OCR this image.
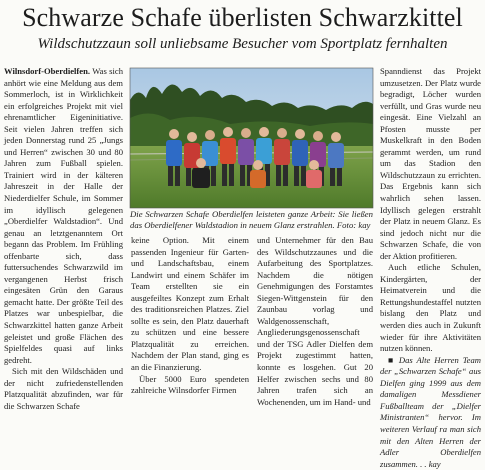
Schwarze Schafe überlisten Schwarzkittel
Wildschutzzaun soll unliebsame Besucher vom Sportplatz fernhalten

Wilnsdorf-Oberdielfen. Was sich anhört wie eine Meldung aus dem Sommerloch, ist in Wirklichkeit ein erfolgreiches Projekt mit viel ehrenamtlicher Eigeninitiative. Seit vielen Jahren treffen sich jeden Donnerstag rund 25 „Jungs und Herren“ zwischen 30 und 80 Jahren zum Fußball spielen. Trainiert wird in der kälteren Jahreszeit in der Halle der Niederdielfer Schule, im Sommer im idyllisch gelegenen „Oberdielfer Waldstadion“. Und genau an letztgenanntem Ort begann das Problem. Im Frühling offenbarte sich, dass futtersuchendes Schwarzwild im vergangenen Herbst frisch eingesäten Grün den Garaus gemacht hatte. Der größte Teil des Platzes war unbespielbar, die Schwarzkittel hatten ganze Arbeit geleistet und große Flächen des Spielfeldes quasi auf links gedreht.

Sich mit den Wildschäden und der nicht zufriedenstellenden Platzqualität abzufinden, war für die Schwarzen Schafe

Die Schwarzen Schafe Oberdielfen leisteten ganze Arbeit: Sie ließen das Oberdielfener Waldstadion in neuem Glanz erstrahlen. Foto: kay

keine Option. Mit einem passenden Ingenieur für Garten- und Landschaftsbau, einem Landwirt und einem Schäfer im Team erstellten sie ein ausgefeiltes Konzept zum Erhalt des traditionsreichen Platzes. Ziel sollte es sein, den Platz dauerhaft zu schützen und eine bessere Platzqualität zu erreichen. Nachdem der Plan stand, ging es an die Finanzierung.

Über 5000 Euro spendeten zahlreiche Wilnsdorfer Firmen

und Unternehmer für den Bau des Wildschutzzaunes und die Aufarbeitung des Sportplatzes. Nachdem die nötigen Genehmigungen des Forstamtes Siegen-Wittgenstein für den Zaunbau vorlag und Waldgenossenschaft, Angliederungsgenossenschaft und der TSG Adler Dielfen dem Projekt zugestimmt hatten, konnte es losgehen. Gut 20 Helfer zwischen sechs und 80 Jahren trafen sich an Wochenenden, um im Hand- und

Spanndienst das Projekt umzusetzen. Der Platz wurde begradigt, Löcher wurden verfüllt, und Gras wurde neu eingesät. Eine Vielzahl an Pfosten musste per Muskelkraft in den Boden gerammt werden, um rund um das Stadion den Wildschutzzaun zu errichten. Das Ergebnis kann sich wahrlich sehen lassen. Idyllisch gelegen erstrahlt der Platz in neuem Glanz. Es sind jedoch nicht nur die Schwarzen Schafe, die von der Aktion profitieren.

Auch etliche Schulen, Kindergärten, der Heimatverein und die Rettungshundestaffel nutzten bislang den Platz und werden dies auch in Zukunft wieder für ihre Aktivitäten nutzen können.

■ Das Alte Herren Team der „Schwarzen Schafe“ aus Dielfen ging 1999 aus dem damaligen Messdiener Fußballteam der „Dielfer Ministranten“ hervor. Im weiteren Verlauf ra man sich mit den Alten Herren der Adler Oberdielfen zusammen. . . kay
